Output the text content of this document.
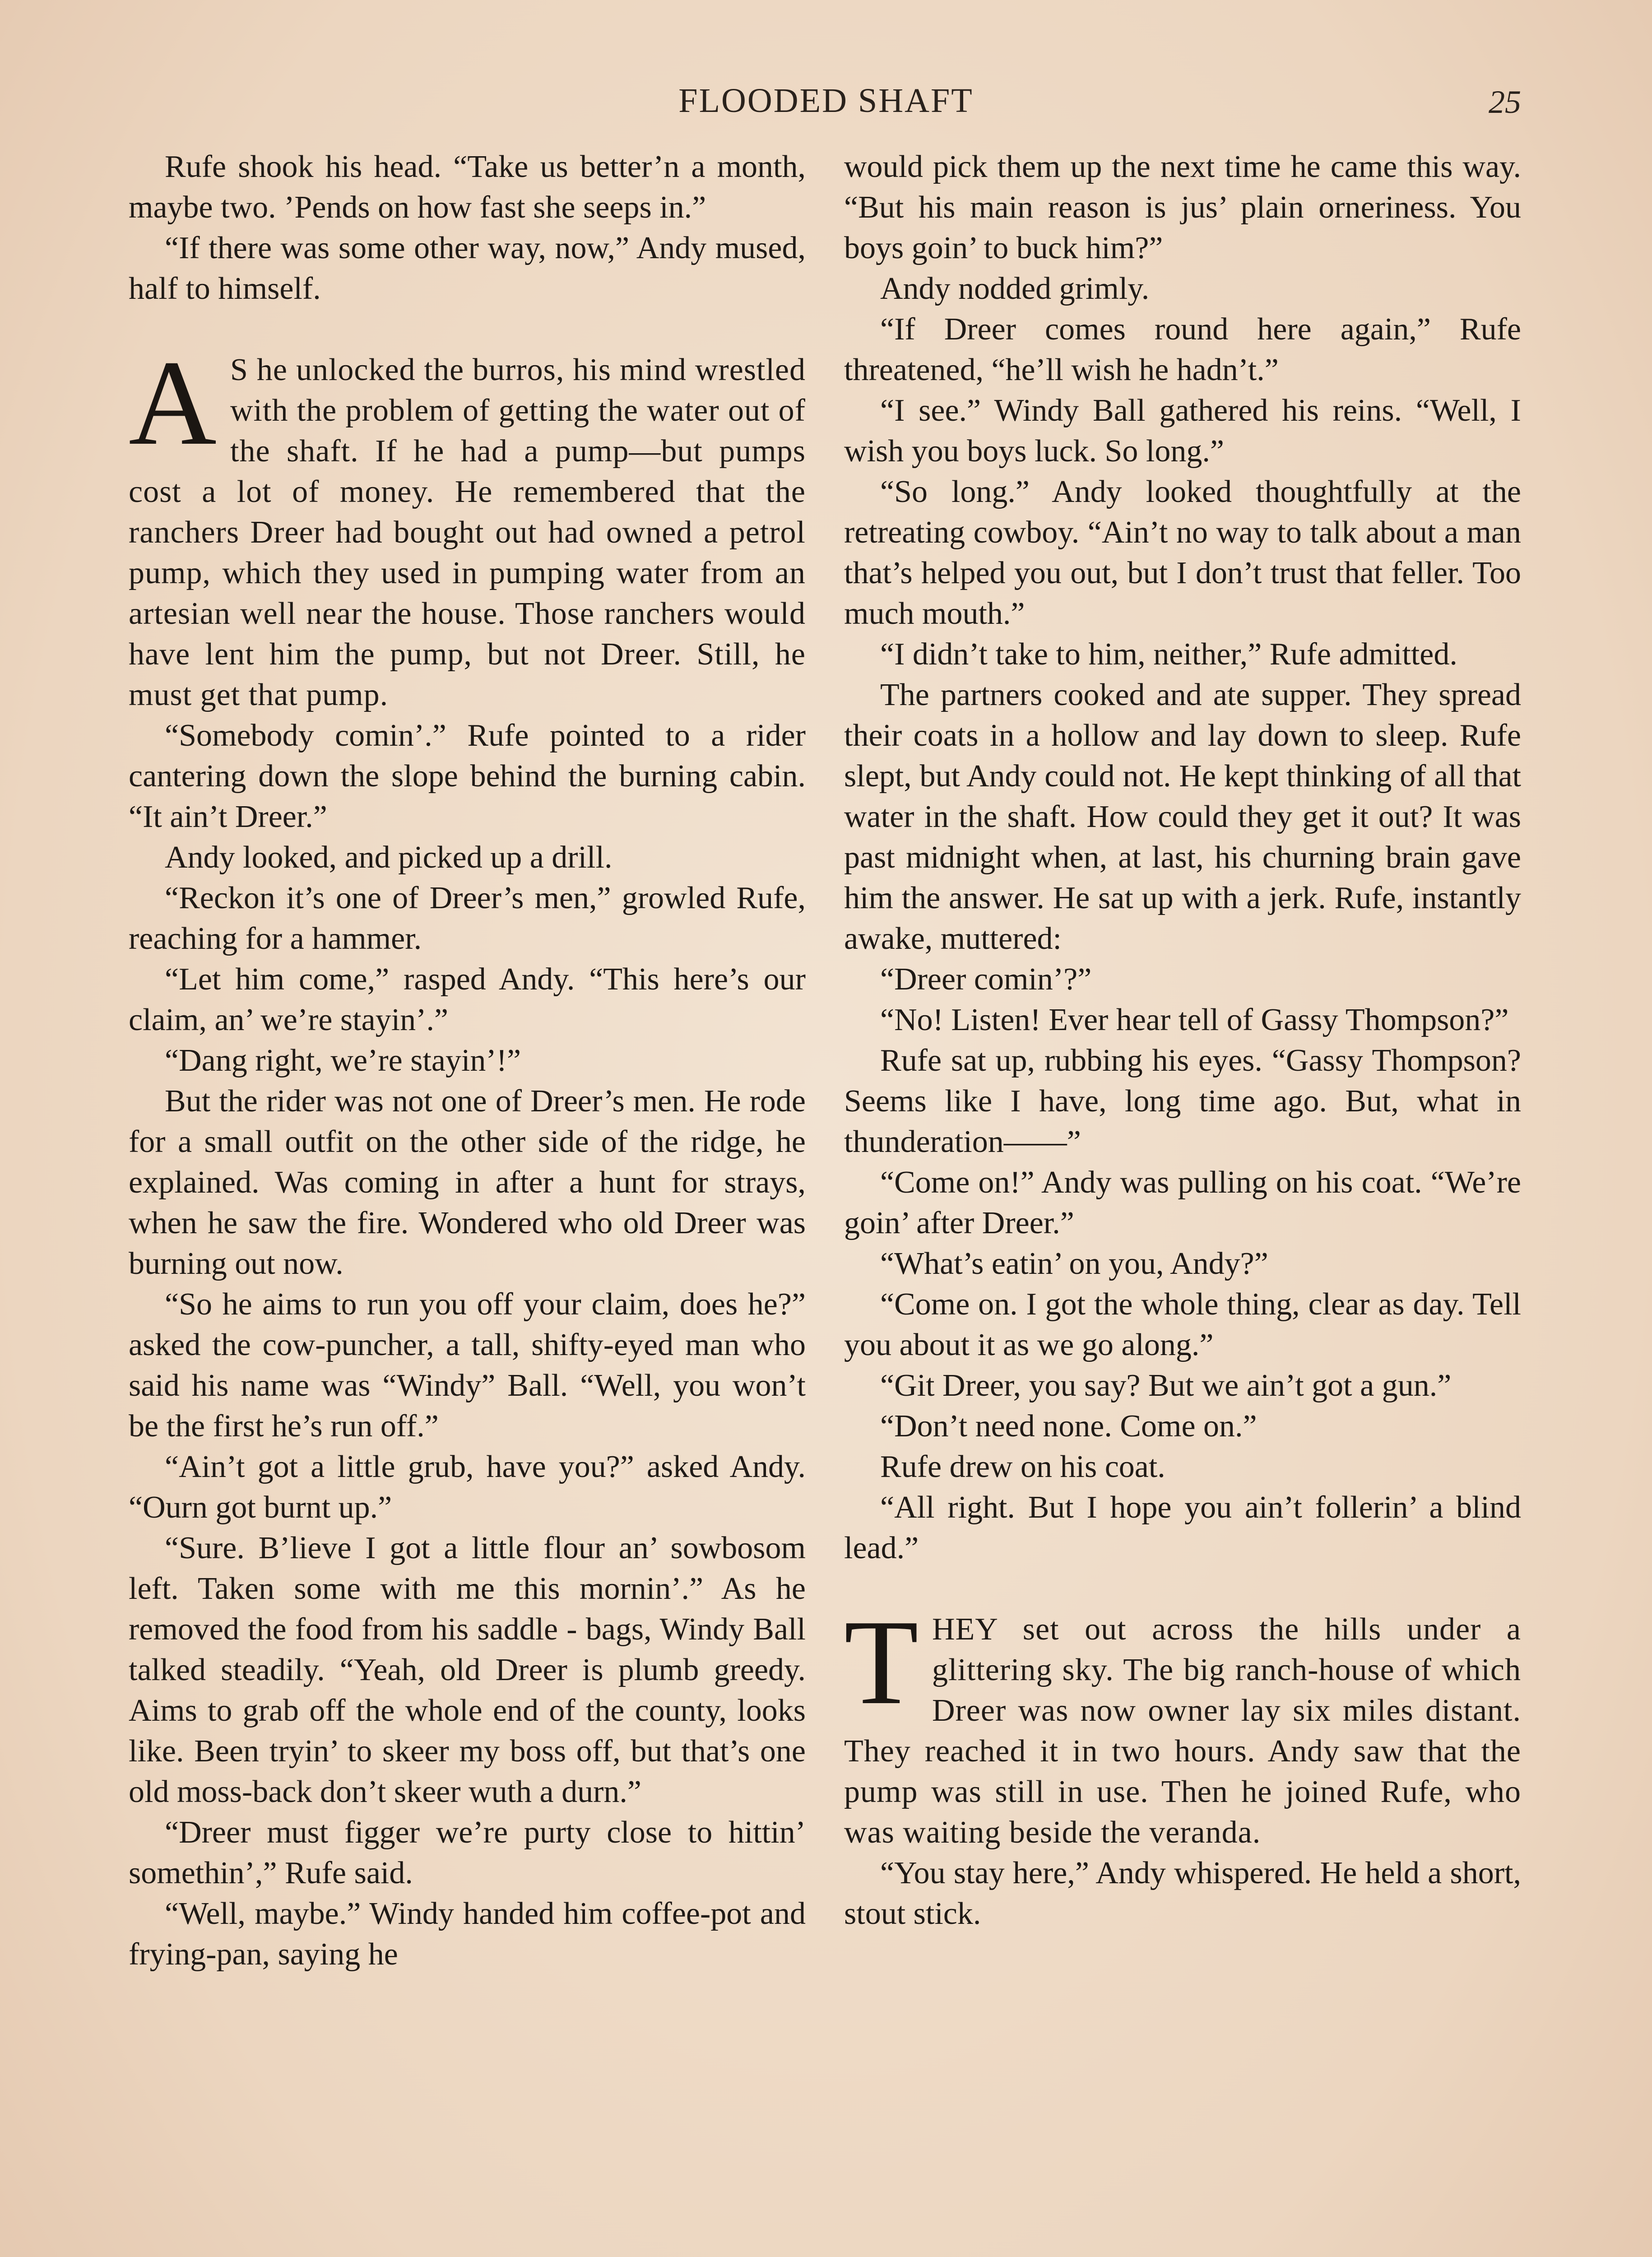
FLOODED SHAFT	25

Rufe shook his head. “Take us better’n a month, maybe two. ’Pends on how fast she seeps in.”

“If there was some other way, now,” Andy mused, half to himself.

A S he unlocked the burros, his mind wrestled with the problem of getting the water out of the shaft. If he had a pump—but pumps cost a lot of money. He remembered that the ranchers Dreer had bought out had owned a petrol pump, which they used in pumping water from an artesian well near the house. Those ranchers would have lent him the pump, but not Dreer. Still, he must get that pump.

“Somebody comin’.” Rufe pointed to a rider cantering down the slope behind the burning cabin. “It ain’t Dreer.”

Andy looked, and picked up a drill.

“Reckon it’s one of Dreer’s men,” growled Rufe, reaching for a hammer.

“Let him come,” rasped Andy. “This here’s our claim, an’ we’re stayin’.”

“Dang right, we’re stayin’!”

But the rider was not one of Dreer’s men. He rode for a small outfit on the other side of the ridge, he explained. Was coming in after a hunt for strays, when he saw the fire. Wondered who old Dreer was burning out now.

“So he aims to run you off your claim, does he?” asked the cow-puncher, a tall, shifty-eyed man who said his name was “Windy” Ball. “Well, you won’t be the first he’s run off.”

“Ain’t got a little grub, have you?” asked Andy. “Ourn got burnt up.”

“Sure. B’lieve I got a little flour an’ sowbosom left. Taken some with me this mornin’.” As he removed the food from his saddle - bags, Windy Ball talked steadily. “Yeah, old Dreer is plumb greedy. Aims to grab off the whole end of the county, looks like. Been tryin’ to skeer my boss off, but that’s one old moss-back don’t skeer wuth a durn.”

“Dreer must figger we’re purty close to hittin’ somethin’,” Rufe said.

“Well, maybe.” Windy handed him coffee-pot and frying-pan, saying he

would pick them up the next time he came this way. “But his main reason is jus’ plain orneriness. You boys goin’ to buck him?”

Andy nodded grimly.

“If Dreer comes round here again,” Rufe threatened, “he’ll wish he hadn’t.”

“I see.” Windy Ball gathered his reins. “Well, I wish you boys luck. So long.”

“So long.” Andy looked thoughtfully at the retreating cowboy. “Ain’t no way to talk about a man that’s helped you out, but I don’t trust that feller. Too much mouth.”

“I didn’t take to him, neither,” Rufe admitted.

The partners cooked and ate supper. They spread their coats in a hollow and lay down to sleep. Rufe slept, but Andy could not. He kept thinking of all that water in the shaft. How could they get it out? It was past midnight when, at last, his churning brain gave him the answer. He sat up with a jerk. Rufe, instantly awake, muttered:

“Dreer comin’?”

“No! Listen! Ever hear tell of Gassy Thompson?”

Rufe sat up, rubbing his eyes. “Gassy Thompson? Seems like I have, long time ago. But, what in thunderation——”

“Come on!” Andy was pulling on his coat. “We’re goin’ after Dreer.”

“What’s eatin’ on you, Andy?”

“Come on. I got the whole thing, clear as day. Tell you about it as we go along.”

“Git Dreer, you say? But we ain’t got a gun.”

“Don’t need none. Come on.”

Rufe drew on his coat.

“All right. But I hope you ain’t follerin’ a blind lead.”

THEY set out across the hills under a glittering sky. The big ranch-house of which Dreer was now owner lay six miles distant. They reached it in two hours. Andy saw that the pump was still in use. Then he joined Rufe, who was waiting beside the veranda.

“You stay here,” Andy whispered. He held a short, stout stick.
